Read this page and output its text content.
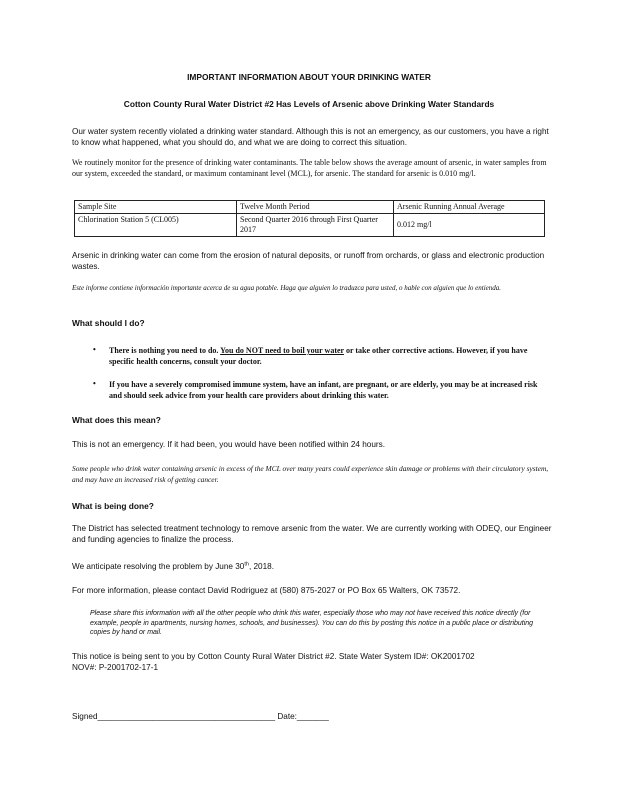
IMPORTANT INFORMATION ABOUT YOUR DRINKING WATER
Cotton County Rural Water District #2 Has Levels of Arsenic above Drinking Water Standards

Our water system recently violated a drinking water standard. Although this is not an emergency, as our customers, you have a right to know what happened, what you should do, and what we are doing to correct this situation.

We routinely monitor for the presence of drinking water contaminants. The table below shows the average amount of arsenic, in water samples from our system, exceeded the standard, or maximum contaminant level (MCL), for arsenic. The standard for arsenic is 0.010 mg/l.

Sample Site	Twelve Month Period	Arsenic Running Annual Average
Chlorination Station 5 (CL005)	Second Quarter 2016 through First Quarter 2017	0.012 mg/l

Arsenic in drinking water can come from the erosion of natural deposits, or runoff from orchards, or glass and electronic production wastes.

Este informe contiene información importante acerca de su agua potable. Haga que alguien lo traduzca para usted, o hable con alguien que lo entienda.

What should I do?
• There is nothing you need to do. You do NOT need to boil your water or take other corrective actions. However, if you have specific health concerns, consult your doctor.

• If you have a severely compromised immune system, have an infant, are pregnant, or are elderly, you may be at increased risk and should seek advice from your health care providers about drinking this water.

What does this mean?

This is not an emergency. If it had been, you would have been notified within 24 hours.

Some people who drink water containing arsenic in excess of the MCL over many years could experience skin damage or problems with their circulatory system, and may have an increased risk of getting cancer.

What is being done?

The District has selected treatment technology to remove arsenic from the water. We are currently working with ODEQ, our Engineer and funding agencies to finalize the process.

We anticipate resolving the problem by June 30th, 2018.

For more information, please contact David Rodriguez at (580) 875-2027 or PO Box 65 Walters, OK 73572.

Please share this information with all the other people who drink this water, especially those who may not have received this notice directly (for example, people in apartments, nursing homes, schools, and businesses). You can do this by posting this notice in a public place or distributing copies by hand or mail.

This notice is being sent to you by Cotton County Rural Water District #2. State Water System ID#: OK2001702

NOV#: P-2001702-17-1

Signed_______________________________________ Date:_______
